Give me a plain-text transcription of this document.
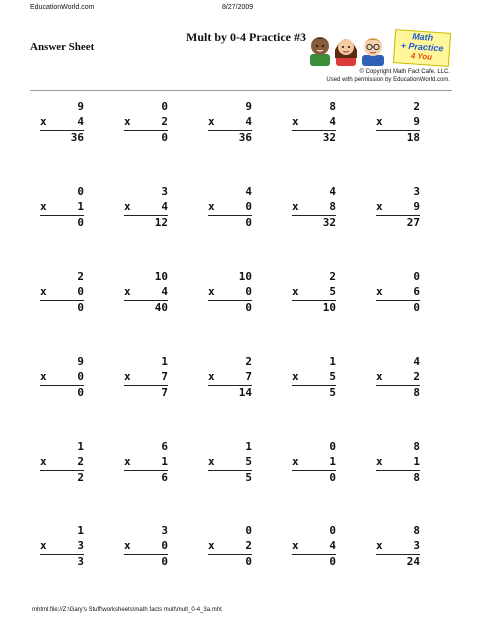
EducationWorld.com	8/27/2009
Mult by 0-4 Practice #3
Answer Sheet
Math
+ Practice
4 You
© Copyright Math Fact Cafe, LLC.
Used with permission by EducationWorld.com.
9
x	4
36
0
x	2
0
9
x	4
36
8
x	4
32
2
x	9
18
0
x	1
0
3
x	4
12
4
x	0
0
4
x	8
32
3
x	9
27
2
x	0
0
10
x	4
40
10
x	0
0
2
x	5
10
0
x	6
0
9
x	0
0
1
x	7
7
2
x	7
14
1
x	5
5
4
x	2
8
1
x	2
2
6
x	1
6
1
x	5
5
0
x	1
0
8
x	1
8
1
x	3
3
3
x	0
0
0
x	2
0
0
x	4
0
8
x	3
24
mhtml:file://Z:\Gary's Stuff\worksheets\math facts mult\mult_0-4_3a.mht
